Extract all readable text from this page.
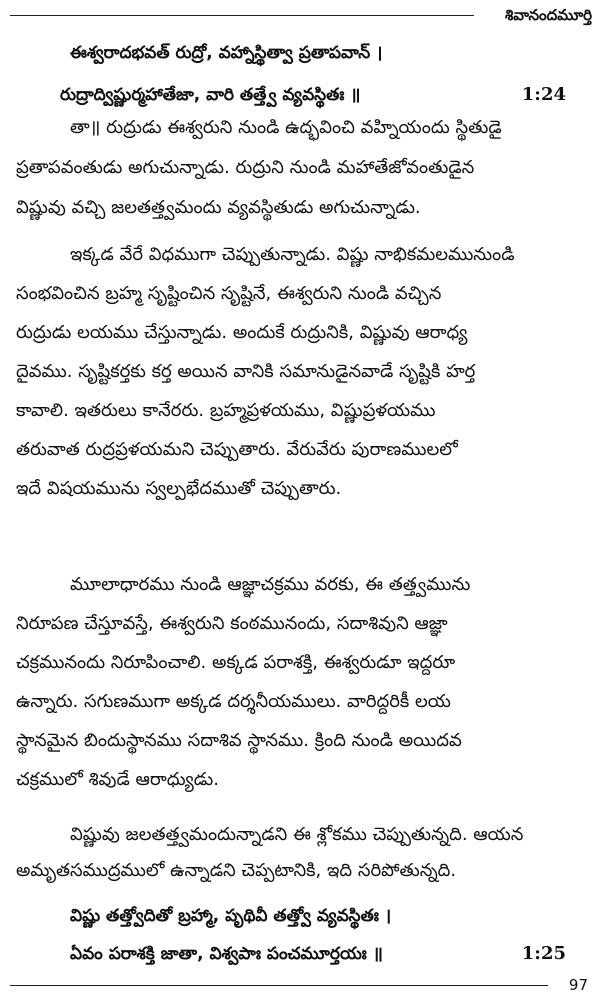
శివానందమూర్తి
ఈశ్వరాదభవత్ రుద్రో, వహ్నాస్థిత్వా ప్రతాపవాన్ ।
రుద్రాద్విష్ణుర్మహాతేజా, వారి తత్త్వే వ్యవస్థితః ॥	1:24
తా॥ రుద్రుడు ఈశ్వరుని నుండి ఉద్భవించి వహ్నియందు స్థితుడై
ప్రతాపవంతుడు అగుచున్నాడు. రుద్రుని నుండి మహాతేజోవంతుడైన
విష్ణువు వచ్చి జలతత్త్వమందు వ్యవస్థితుడు అగుచున్నాడు.
ఇక్కడ వేరే విధముగా చెప్పుతున్నాడు. విష్ణు నాభికమలమునుండి
సంభవించిన బ్రహ్మ సృష్టించిన సృష్టినే, ఈశ్వరుని నుండి వచ్చిన
రుద్రుడు లయము చేస్తున్నాడు. అందుకే రుద్రునికి, విష్ణువు ఆరాధ్య
దైవము. సృష్టికర్తకు కర్త అయిన వానికి సమానుడైనవాడే సృష్టికి హర్త
కావాలి. ఇతరులు కానేరరు. బ్రహ్మప్రళయము, విష్ణుప్రళయము
తరువాత రుద్రప్రళయమని చెప్పుతారు. వేరువేరు పురాణములలో
ఇదే విషయమును స్వల్పభేదముతో చెప్పుతారు.
మూలాధారము నుండి ఆజ్ఞాచక్రము వరకు, ఈ తత్త్వమును
నిరూపణ చేస్తూవస్తే, ఈశ్వరుని కంఠమునందు, సదాశివుని ఆజ్ఞా
చక్రమునందు నిరూపించాలి. అక్కడ పరాశక్తి, ఈశ్వరుడూ ఇద్దరూ
ఉన్నారు. సగుణముగా అక్కడ దర్శనీయములు. వారిద్దరికీ లయ
స్థానమైన బిందుస్థానము సదాశివ స్థానము. క్రింది నుండి అయిదవ
చక్రములో శివుడే ఆరాధ్యుడు.
విష్ణువు జలతత్త్వమందున్నాడని ఈ శ్లోకము చెప్పుతున్నది. ఆయన
అమృతసముద్రములో ఉన్నాడని చెప్పటానికి, ఇది సరిపోతున్నది.
విష్ణు తత్త్వోదితో బ్రహ్మా, పృథివీ తత్త్వో వ్యవస్థితః ।
ఏవం పరాశక్తి జాతా, విశ్వపాః పంచమూర్తయః ॥	1:25
97
